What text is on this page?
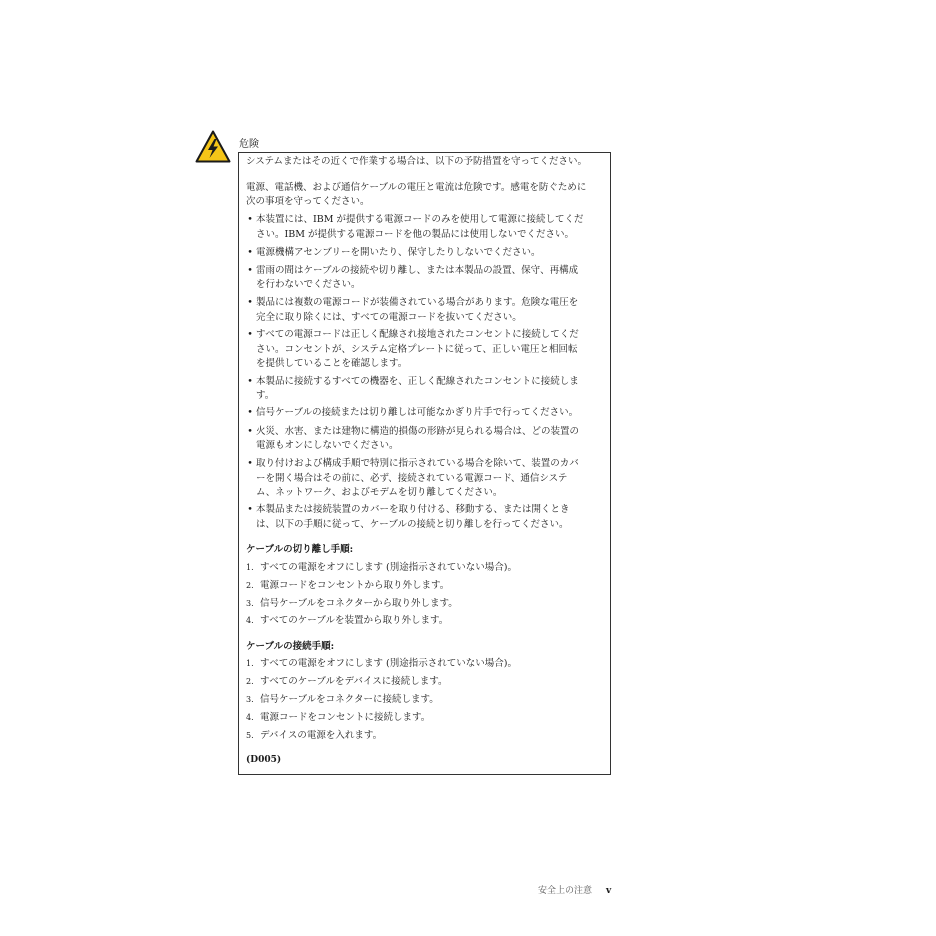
危険
システムまたはその近くで作業する場合は、以下の予防措置を守ってください。
電源、電話機、および通信ケーブルの電圧と電流は危険です。感電を防ぐために
次の事項を守ってください。
• 本装置には、IBM が提供する電源コードのみを使用して電源に接続してくだ
さい。IBM が提供する電源コードを他の製品には使用しないでください。
• 電源機構アセンブリーを開いたり、保守したりしないでください。
• 雷雨の間はケーブルの接続や切り離し、または本製品の設置、保守、再構成
を行わないでください。
• 製品には複数の電源コードが装備されている場合があります。危険な電圧を
完全に取り除くには、すべての電源コードを抜いてください。
• すべての電源コードは正しく配線され接地されたコンセントに接続してくだ
さい。コンセントが、システム定格プレートに従って、正しい電圧と相回転
を提供していることを確認します。
• 本製品に接続するすべての機器を、正しく配線されたコンセントに接続しま
す。
• 信号ケーブルの接続または切り離しは可能なかぎり片手で行ってください。
• 火災、水害、または建物に構造的損傷の形跡が見られる場合は、どの装置の
電源もオンにしないでください。
• 取り付けおよび構成手順で特別に指示されている場合を除いて、装置のカバ
ーを開く場合はその前に、必ず、接続されている電源コード、通信システ
ム、ネットワーク、およびモデムを切り離してください。
• 本製品または接続装置のカバーを取り付ける、移動する、または開くとき
は、以下の手順に従って、ケーブルの接続と切り離しを行ってください。
ケーブルの切り離し手順:
1. すべての電源をオフにします (別途指示されていない場合)。
2. 電源コードをコンセントから取り外します。
3. 信号ケーブルをコネクターから取り外します。
4. すべてのケーブルを装置から取り外します。
ケーブルの接続手順:
1. すべての電源をオフにします (別途指示されていない場合)。
2. すべてのケーブルをデバイスに接続します。
3. 信号ケーブルをコネクターに接続します。
4. 電源コードをコンセントに接続します。
5. デバイスの電源を入れます。
(D005)
安全上の注意 v
